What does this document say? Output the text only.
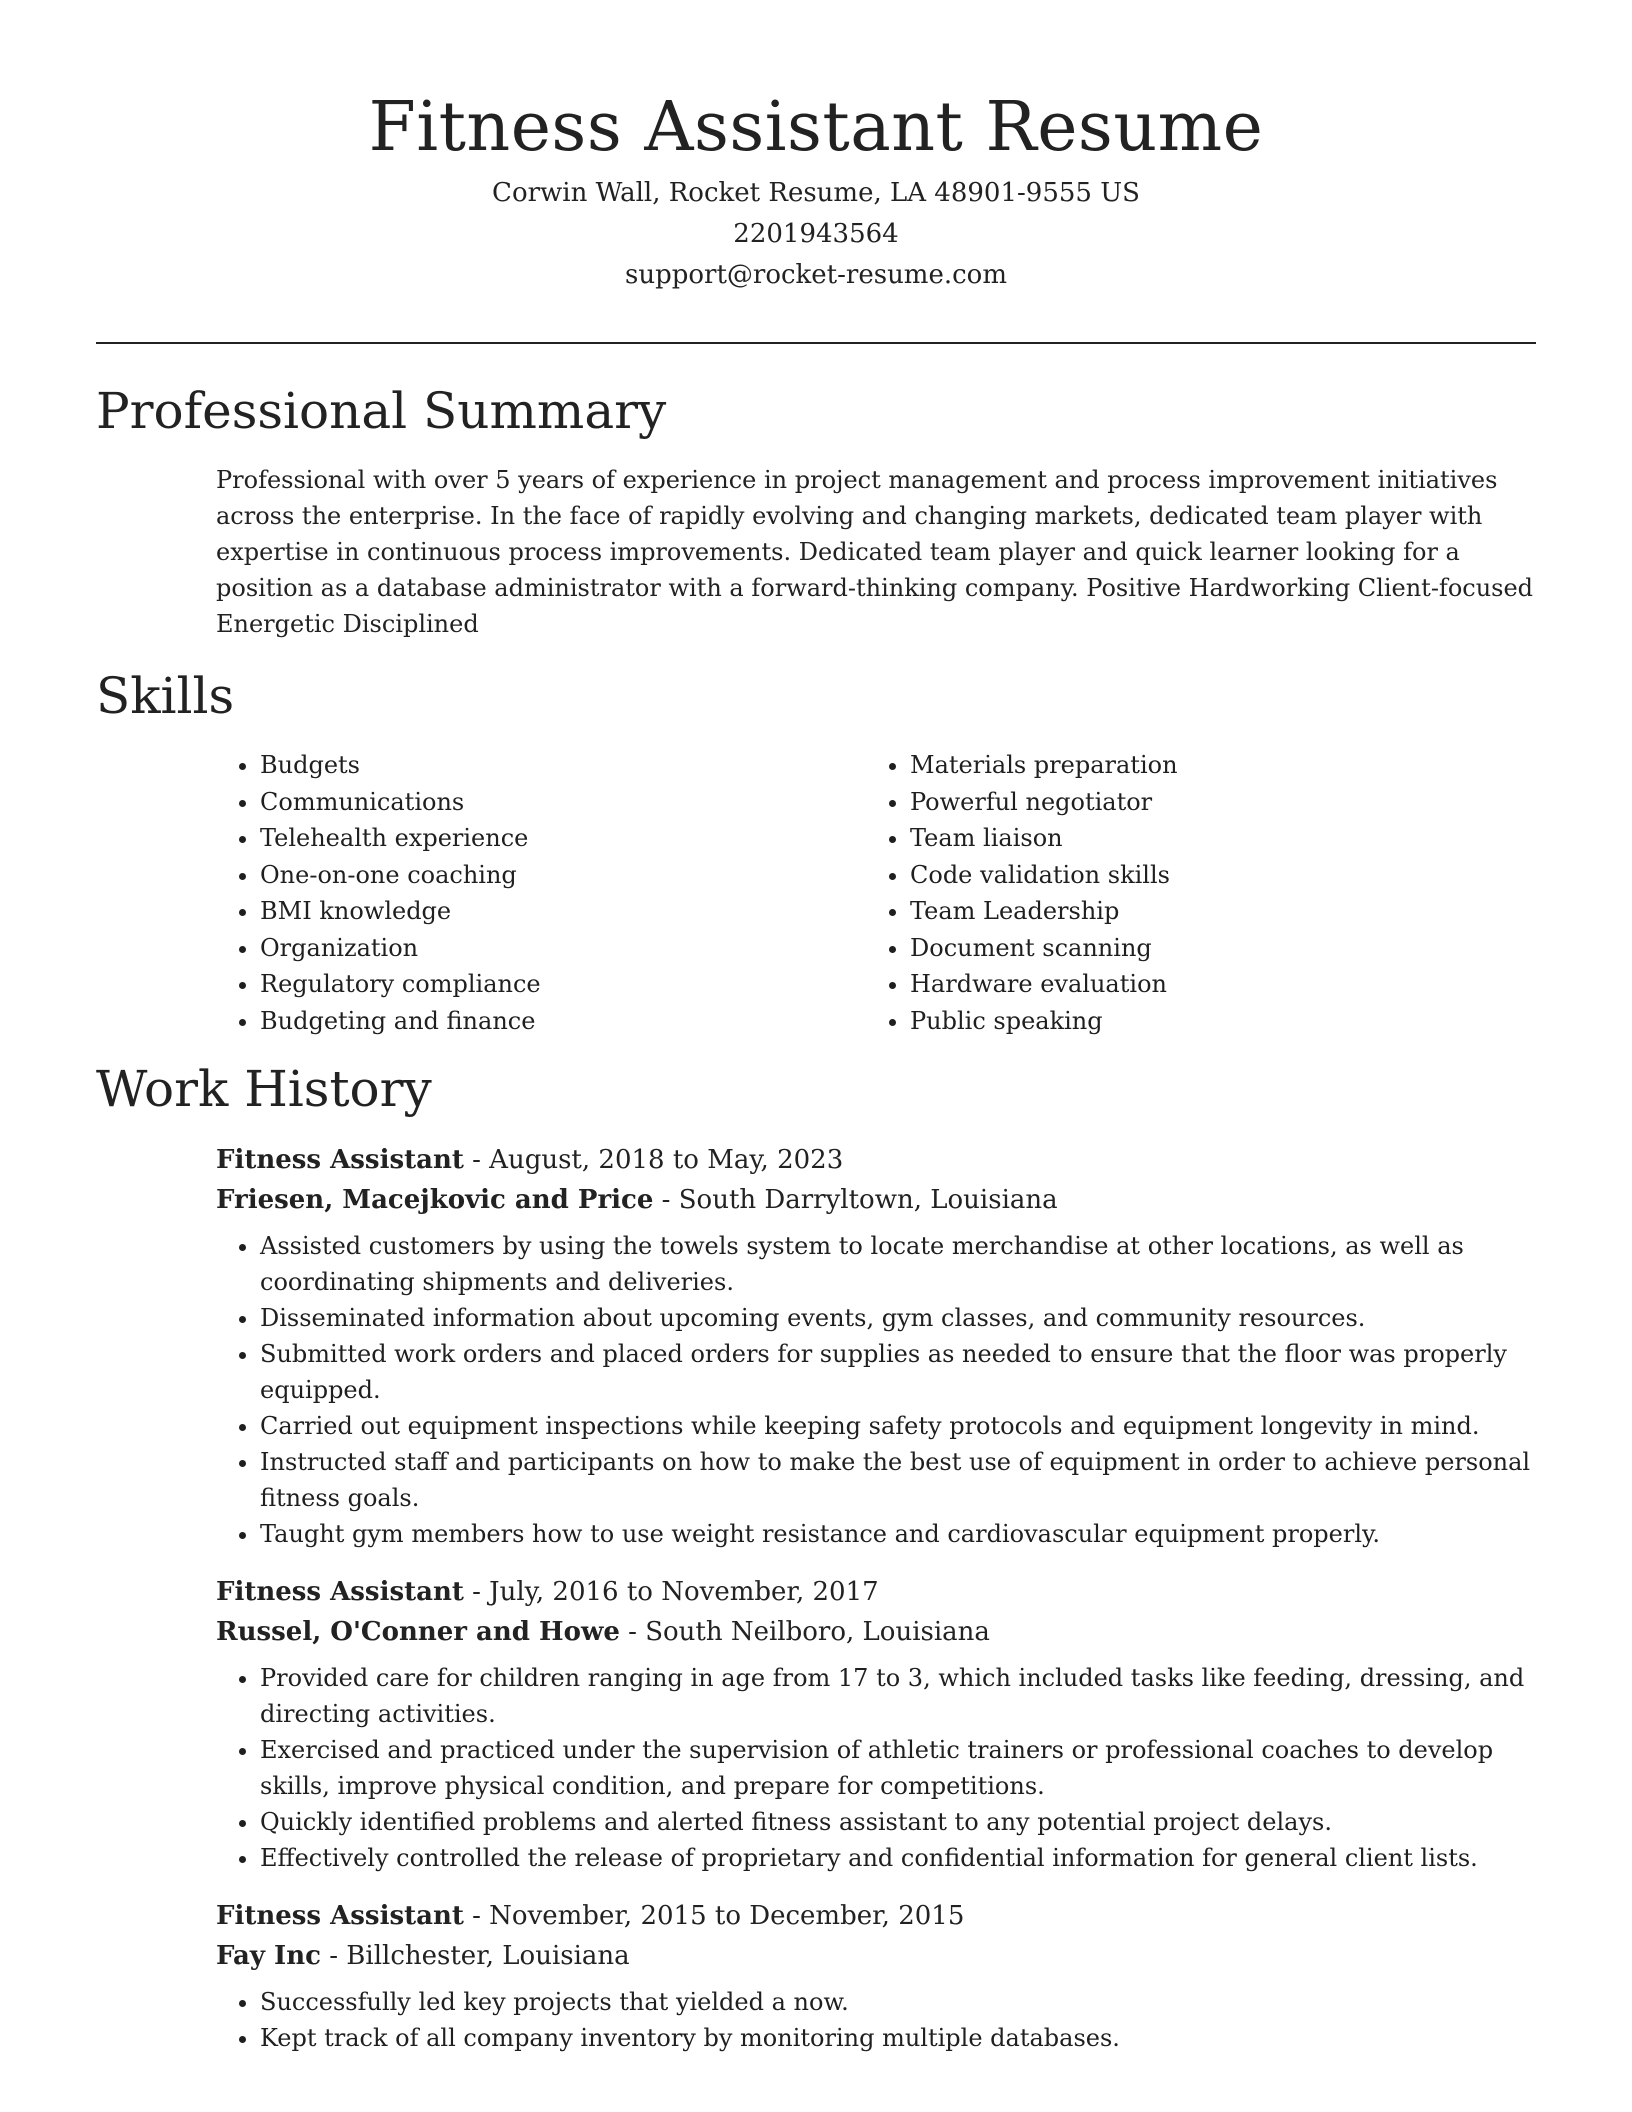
Fitness Assistant Resume
Corwin Wall, Rocket Resume, LA 48901-9555 US
2201943564
support@rocket-resume.com
Professional Summary

Professional with over 5 years of experience in project management and process improvement initiatives across the enterprise. In the face of rapidly evolving and changing markets, dedicated team player with expertise in continuous process improvements. Dedicated team player and quick learner looking for a position as a database administrator with a forward-thinking company. Positive Hardworking Client-focused Energetic Disciplined

Skills
• Budgets
• Communications
• Telehealth experience
• One-on-one coaching
• BMI knowledge
• Organization
• Regulatory compliance
• Budgeting and finance
• Materials preparation
• Powerful negotiator
• Team liaison
• Code validation skills
• Team Leadership
• Document scanning
• Hardware evaluation
• Public speaking
Work History
Fitness Assistant - August, 2018 to May, 2023
Friesen, Macejkovic and Price - South Darryltown, Louisiana
• Assisted customers by using the towels system to locate merchandise at other locations, as well as coordinating shipments and deliveries.
• Disseminated information about upcoming events, gym classes, and community resources.
• Submitted work orders and placed orders for supplies as needed to ensure that the floor was properly equipped.
• Carried out equipment inspections while keeping safety protocols and equipment longevity in mind.
• Instructed staff and participants on how to make the best use of equipment in order to achieve personal fitness goals.
• Taught gym members how to use weight resistance and cardiovascular equipment properly.
Fitness Assistant - July, 2016 to November, 2017
Russel, O'Conner and Howe - South Neilboro, Louisiana
• Provided care for children ranging in age from 17 to 3, which included tasks like feeding, dressing, and directing activities.
• Exercised and practiced under the supervision of athletic trainers or professional coaches to develop skills, improve physical condition, and prepare for competitions.
• Quickly identified problems and alerted fitness assistant to any potential project delays.
• Effectively controlled the release of proprietary and confidential information for general client lists.
Fitness Assistant - November, 2015 to December, 2015
Fay Inc - Billchester, Louisiana
• Successfully led key projects that yielded a now.
• Kept track of all company inventory by monitoring multiple databases.
